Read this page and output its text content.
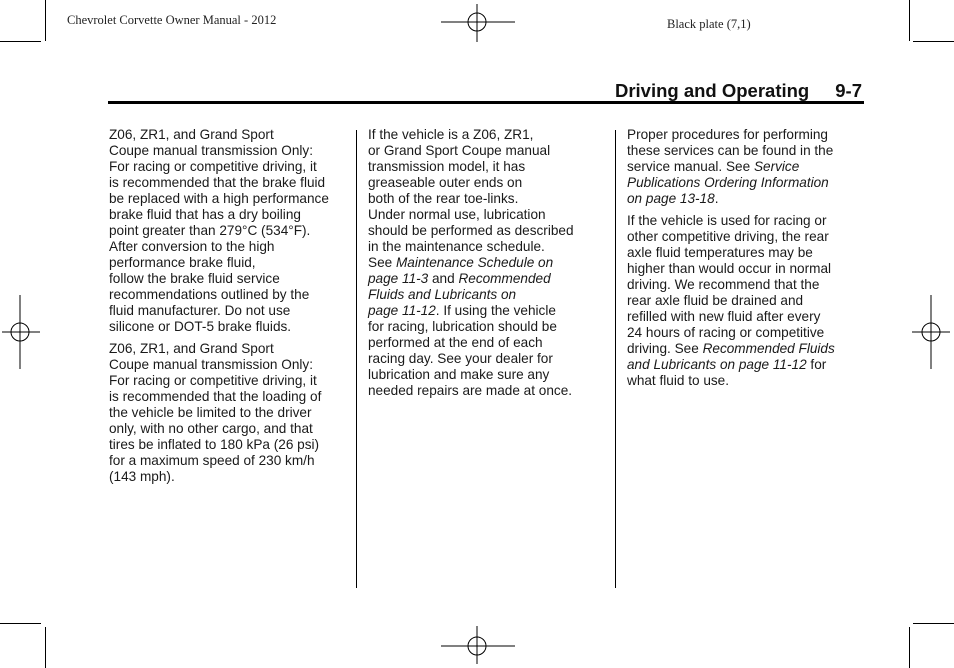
Chevrolet Corvette Owner Manual - 2012	Black plate (7,1)
Driving and Operating 9-7

Z06, ZR1, and Grand Sport
Coupe manual transmission Only:
For racing or competitive driving, it
is recommended that the brake fluid
be replaced with a high performance
brake fluid that has a dry boiling
point greater than 279°C (534°F).
After conversion to the high
performance brake fluid,
follow the brake fluid service
recommendations outlined by the
fluid manufacturer. Do not use
silicone or DOT-5 brake fluids.

Z06, ZR1, and Grand Sport
Coupe manual transmission Only:
For racing or competitive driving, it
is recommended that the loading of
the vehicle be limited to the driver
only, with no other cargo, and that
tires be inflated to 180 kPa (26 psi)
for a maximum speed of 230 km/h
(143 mph).

If the vehicle is a Z06, ZR1,
or Grand Sport Coupe manual
transmission model, it has
greaseable outer ends on
both of the rear toe-links.
Under normal use, lubrication
should be performed as described
in the maintenance schedule.
See Maintenance Schedule on
page 11-3 and Recommended
Fluids and Lubricants on
page 11-12. If using the vehicle
for racing, lubrication should be
performed at the end of each
racing day. See your dealer for
lubrication and make sure any
needed repairs are made at once.

Proper procedures for performing
these services can be found in the
service manual. See Service
Publications Ordering Information
on page 13-18.

If the vehicle is used for racing or
other competitive driving, the rear
axle fluid temperatures may be
higher than would occur in normal
driving. We recommend that the
rear axle fluid be drained and
refilled with new fluid after every
24 hours of racing or competitive
driving. See Recommended Fluids
and Lubricants on page 11-12 for
what fluid to use.
